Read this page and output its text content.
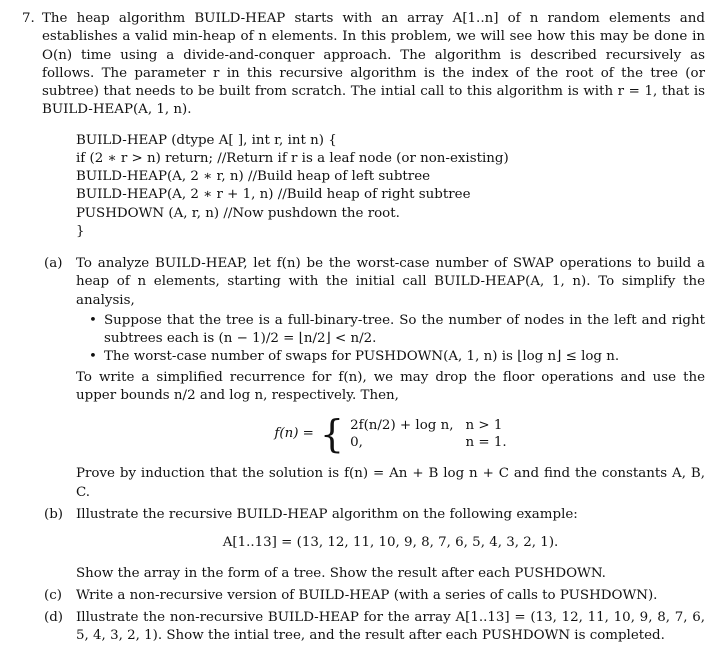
7. The heap algorithm BUILD-HEAP starts with an array A[1..n] of n random elements and establishes a valid min-heap of n elements. In this problem, we will see how this may be done in O(n) time using a divide-and-conquer approach. The algorithm is described recursively as follows. The parameter r in this recursive algorithm is the index of the root of the tree (or subtree) that needs to be built from scratch. The intial call to this algorithm is with r = 1, that is BUILD-HEAP(A, 1, n).

BUILD-HEAP (dtype A[ ], int r, int n) {
if (2 ∗ r > n) return; //Return if r is a leaf node (or non-existing)
BUILD-HEAP(A, 2 ∗ r, n) //Build heap of left subtree
BUILD-HEAP(A, 2 ∗ r + 1, n) //Build heap of right subtree
PUSHDOWN (A, r, n) //Now pushdown the root.
}
(a) To analyze BUILD-HEAP, let f(n) be the worst-case number of SWAP operations to build a heap of n elements, starting with the initial call BUILD-HEAP(A, 1, n). To simplify the analysis,

• Suppose that the tree is a full-binary-tree. So the number of nodes in the left and right subtrees each is (n − 1)/2 = ⌊n/2⌋ < n/2.
• The worst-case number of swaps for PUSHDOWN(A, 1, n) is ⌊log n⌋ ≤ log n.

To write a simplified recurrence for f(n), we may drop the floor operations and use the upper bounds n/2 and log n, respectively. Then,

f(n) = { 2f(n/2) + log n, n > 1
0,	n = 1.

Prove by induction that the solution is f(n) = An + B log n + C and find the constants A, B, C.

(b) Illustrate the recursive BUILD-HEAP algorithm on the following example:

A[1..13] = (13, 12, 11, 10, 9, 8, 7, 6, 5, 4, 3, 2, 1).

Show the array in the form of a tree. Show the result after each PUSHDOWN.

(c) Write a non-recursive version of BUILD-HEAP (with a series of calls to PUSHDOWN).

(d) Illustrate the non-recursive BUILD-HEAP for the array A[1..13] = (13, 12, 11, 10, 9, 8, 7, 6, 5, 4, 3, 2, 1). Show the intial tree, and the result after each PUSHDOWN is completed.
